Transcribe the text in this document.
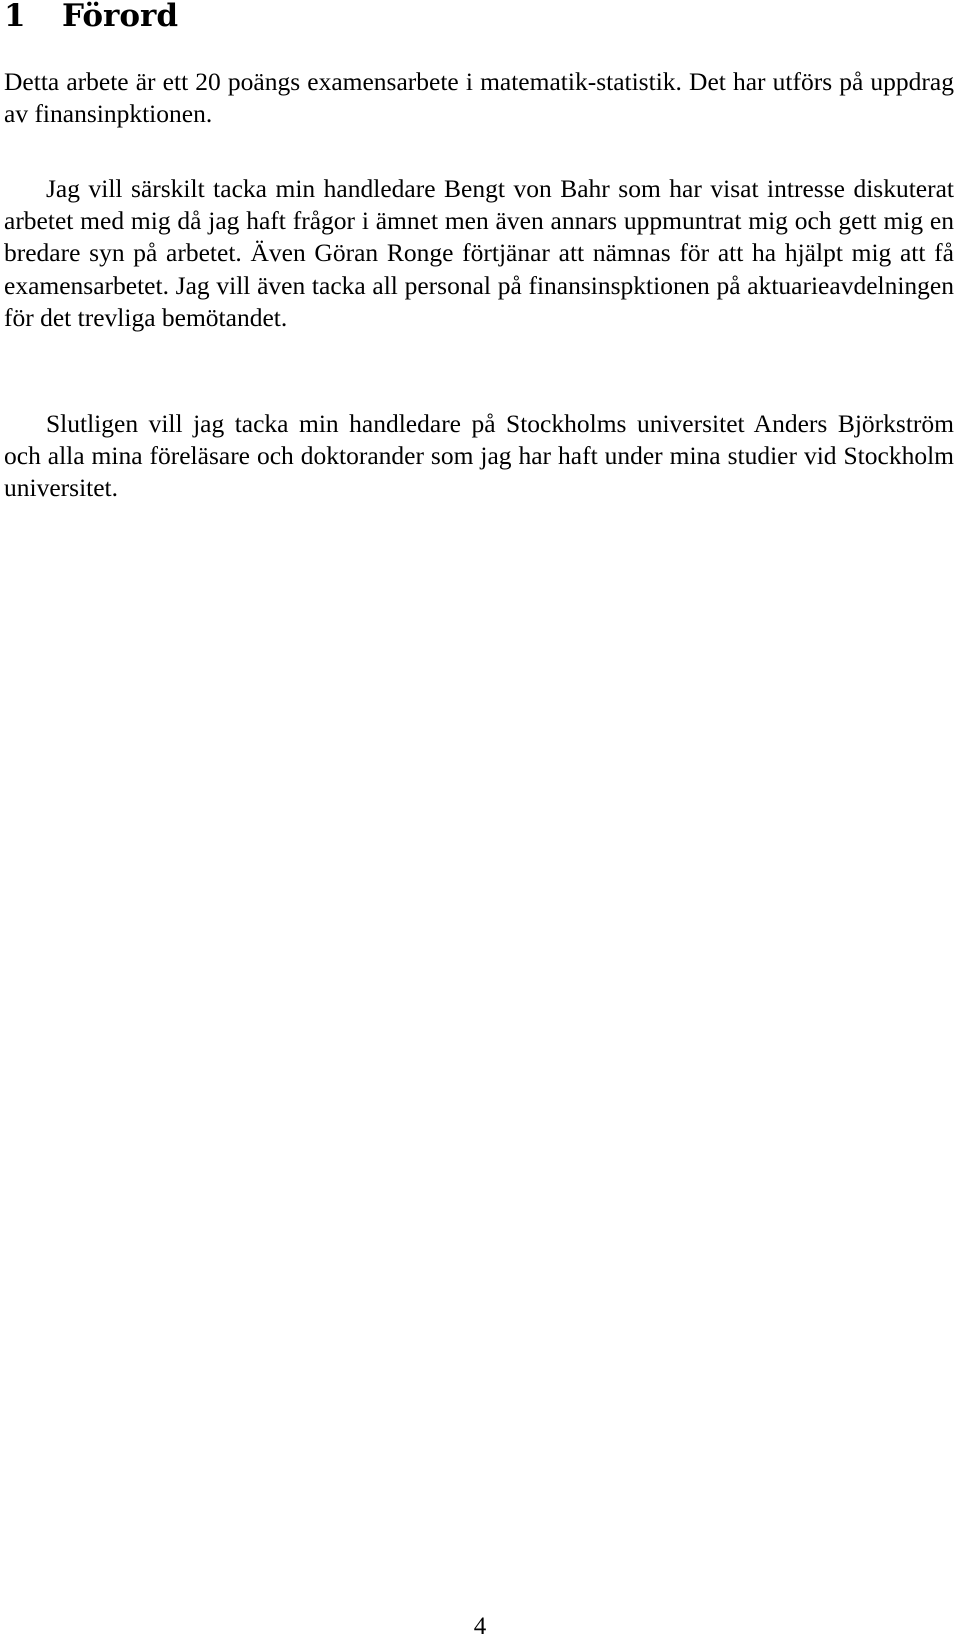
1 Förord

Detta arbete är ett 20 poängs examensarbete i matematik-statistik. Det har utförs på uppdrag av finansinpktionen.

Jag vill särskilt tacka min handledare Bengt von Bahr som har visat intresse diskuterat arbetet med mig då jag haft frågor i ämnet men även annars uppmuntrat mig och gett mig en bredare syn på arbetet. Även Göran Ronge förtjänar att nämnas för att ha hjälpt mig att få examensarbetet. Jag vill även tacka all personal på finansinspktionen på aktuarieavdelningen för det trevliga bemötandet.

Slutligen vill jag tacka min handledare på Stockholms universitet Anders Björkström och alla mina föreläsare och doktorander som jag har haft under mina studier vid Stockholm universitet.

4
